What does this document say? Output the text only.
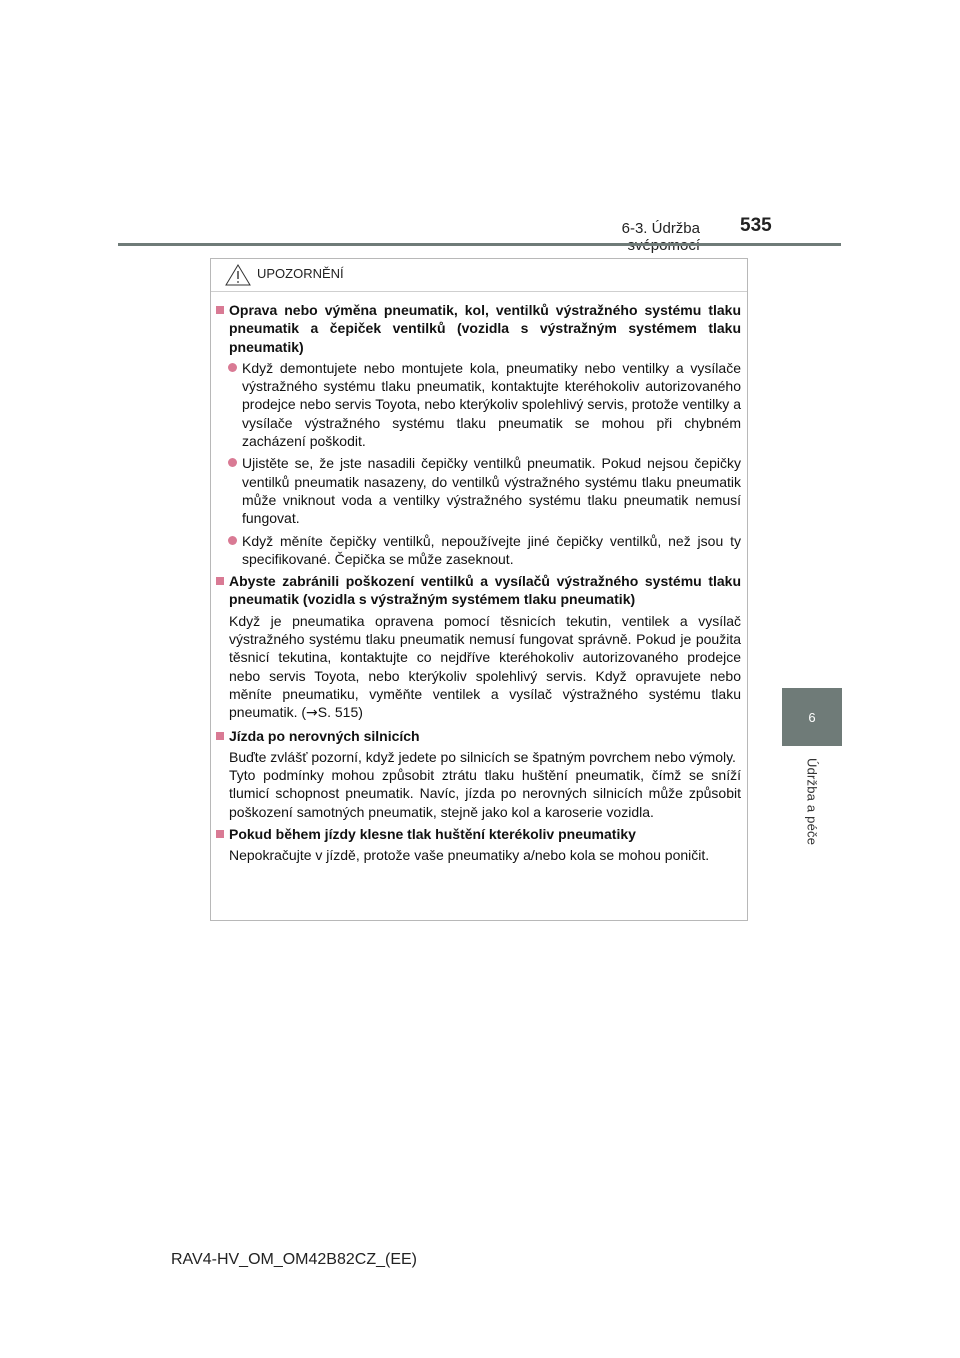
6-3. Údržba 535
6
Údržba a péče
UPOZORNĚNÍ
Oprava nebo výměna pneumatik, kol, ventilků výstražného systému tlaku pneumatik a čepiček ventilků (vozidla s výstražným systémem tlaku pneumatik)
Když demontujete nebo montujete kola, pneumatiky nebo ventilky a vysílače výstražného systému tlaku pneumatik, kontaktujte kteréhokoliv autorizovaného prodejce nebo servis Toyota, nebo kterýkoliv spolehlivý servis, protože ventilky a vysílače výstražného systému tlaku pneumatik se mohou při chybném zacházení poškodit.
Ujistěte se, že jste nasadili čepičky ventilků pneumatik. Pokud nejsou čepičky ventilků pneumatik nasazeny, do ventilků výstražného systému tlaku pneumatik může vniknout voda a ventilky výstražného systému tlaku pneumatik nemusí fungovat.
Když měníte čepičky ventilků, nepoužívejte jiné čepičky ventilků, než jsou ty specifikované. Čepička se může zaseknout.
Abyste zabránili poškození ventilků a vysílačů výstražného systému tlaku pneumatik (vozidla s výstražným systémem tlaku pneumatik)
Když je pneumatika opravena pomocí těsnicích tekutin, ventilek a vysílač výstražného systému tlaku pneumatik nemusí fungovat správně. Pokud je použita těsnicí tekutina, kontaktujte co nejdříve kteréhokoliv autorizovaného prodejce nebo servis Toyota, nebo kterýkoliv spolehlivý servis. Když opravujete nebo měníte pneumatiku, vyměňte ventilek a vysílač výstražného systému tlaku pneumatik. (→S. 515)
Jízda po nerovných silnicích
Buďte zvlášť pozorní, když jedete po silnicích se špatným povrchem nebo výmoly.
Tyto podmínky mohou způsobit ztrátu tlaku huštění pneumatik, čímž se sníží tlumicí schopnost pneumatik. Navíc, jízda po nerovných silnicích může způsobit poškození samotných pneumatik, stejně jako kol a karoserie vozidla.
Pokud během jízdy klesne tlak huštění kterékoliv pneumatiky
Nepokračujte v jízdě, protože vaše pneumatiky a/nebo kola se mohou poničit.
RAV4-HV_OM_OM42B82CZ_(EE)
